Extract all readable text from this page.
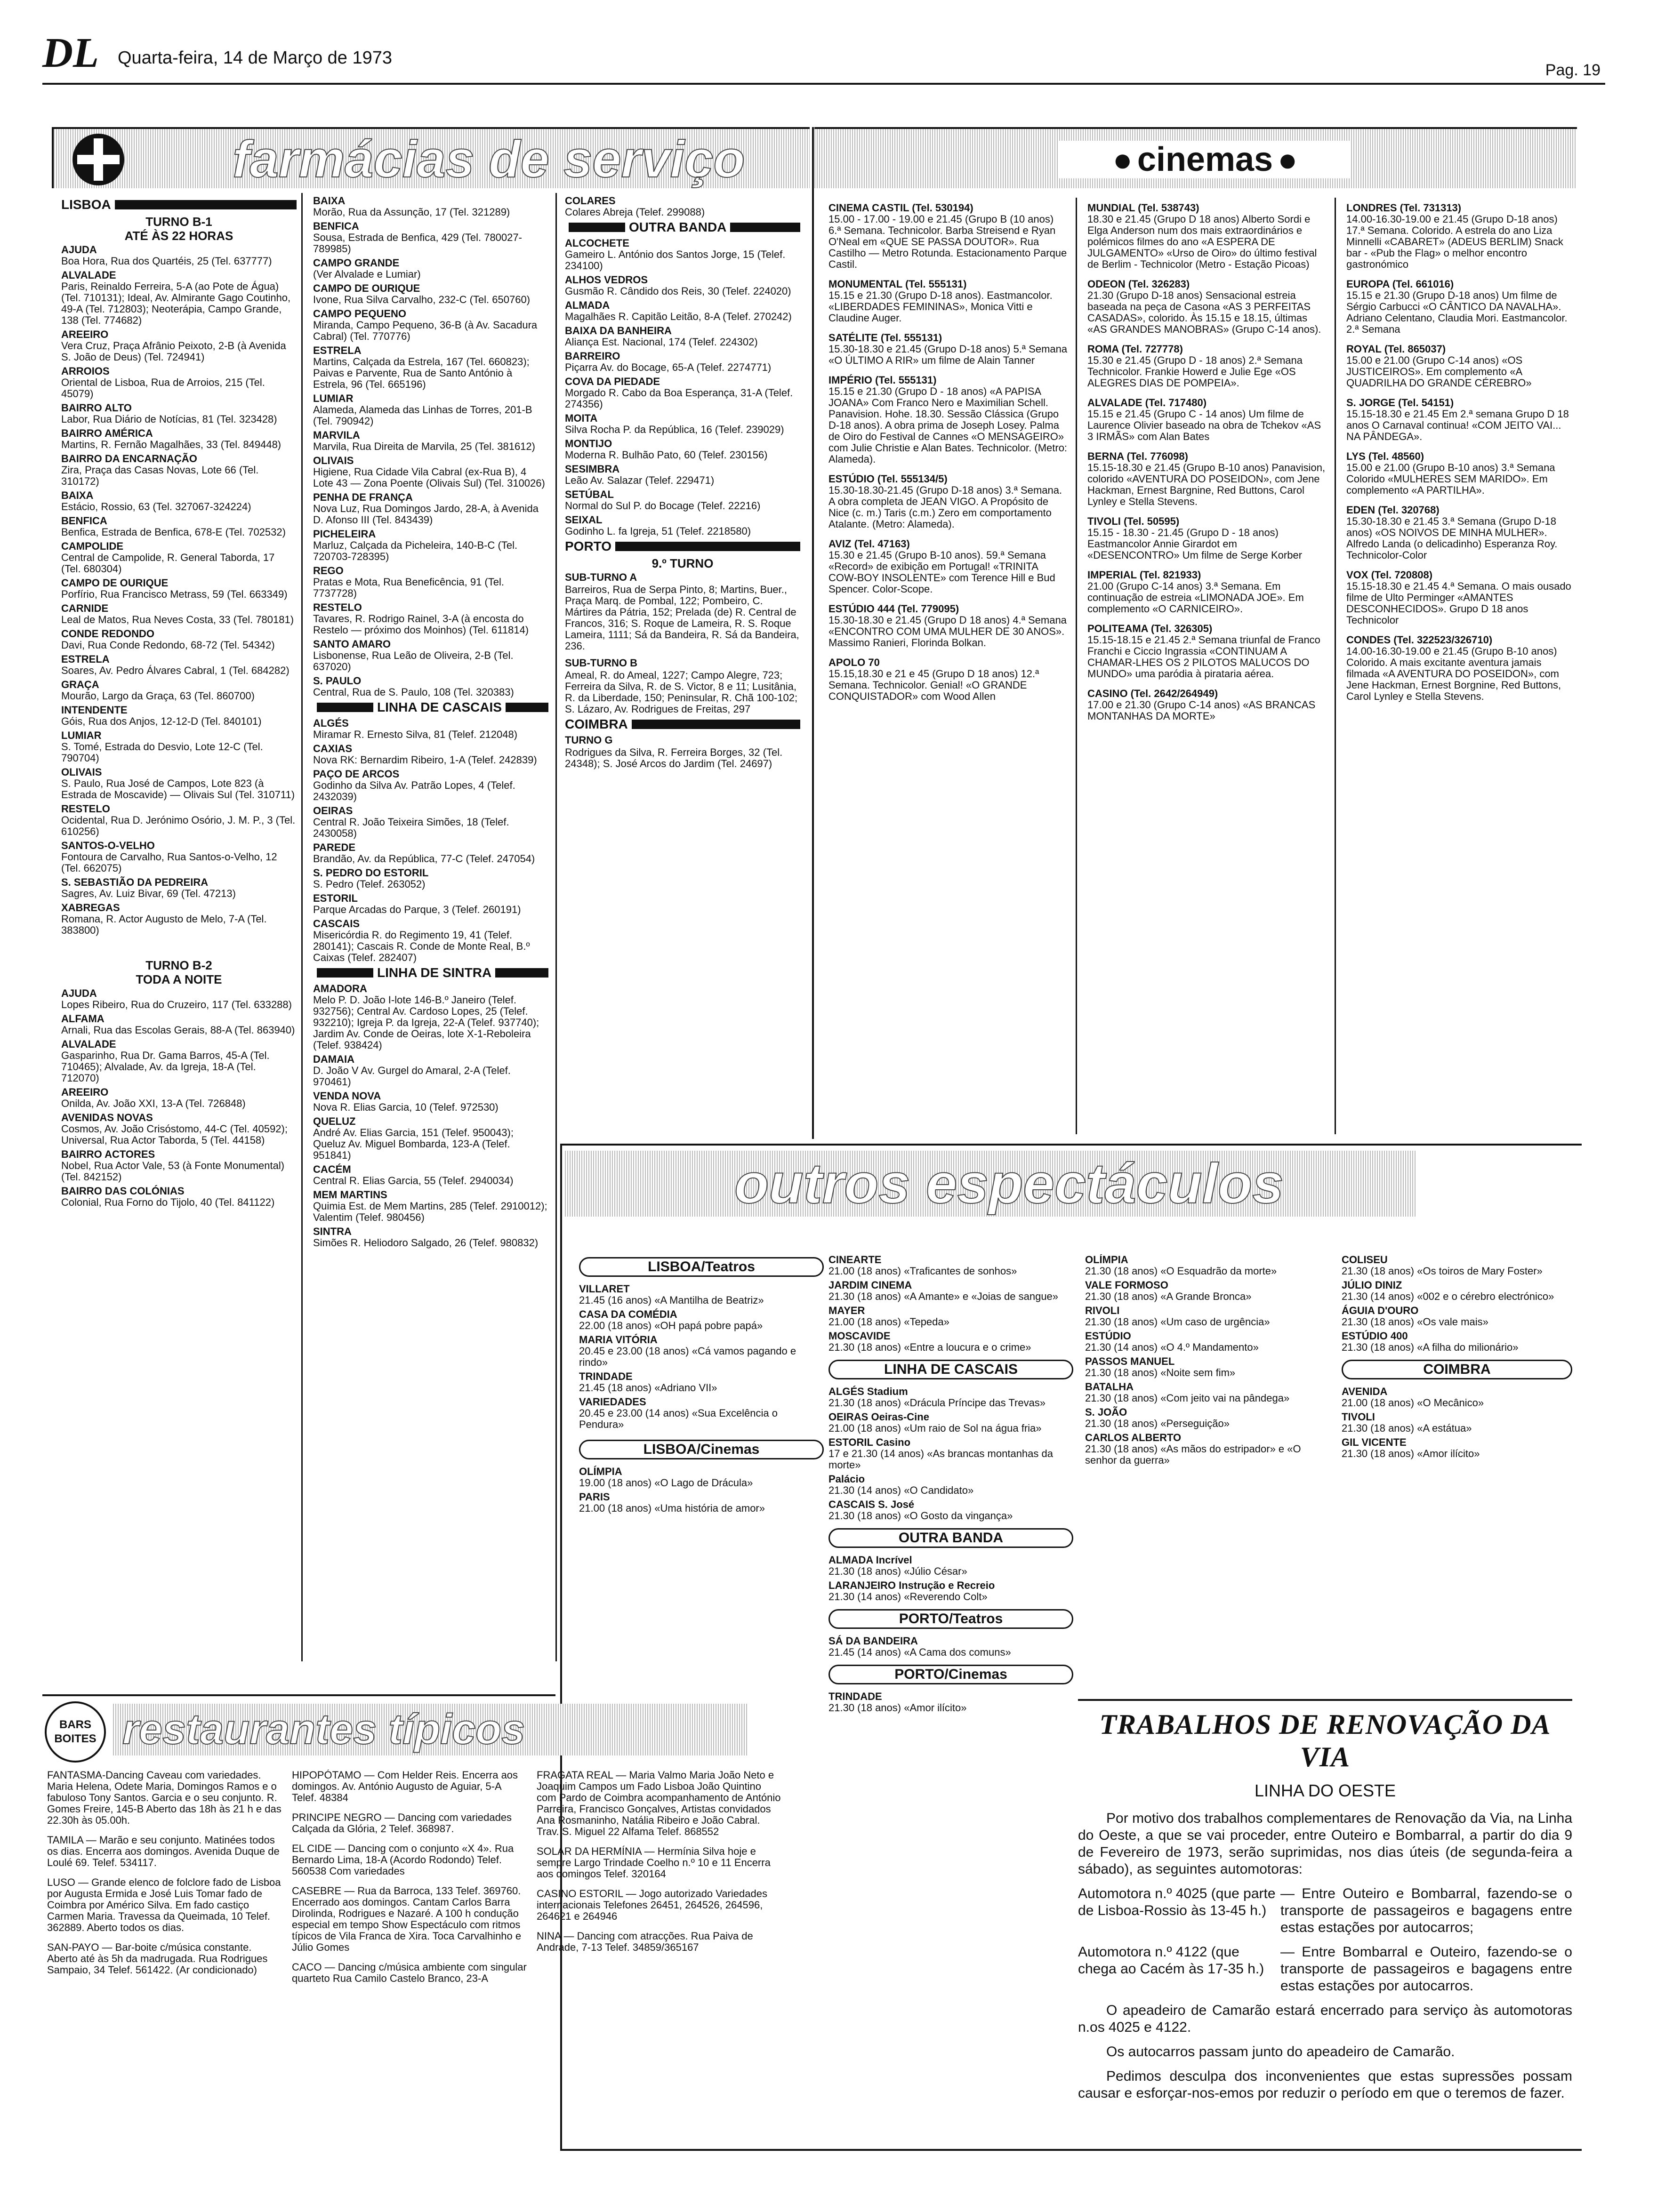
DL Quarta-feira, 14 de Março de 1973
Pag. 19
farmácias de serviço
LISBOA
TURNO B-1
ATÉ ÀS 22 HORAS
AJUDA
Boa Hora, Rua dos Quartéis, 25 (Tel. 637777)
ALVALADE
Paris, Reinaldo Ferreira, 5-A (ao Pote de Água) (Tel. 710131); Ideal, Av. Almirante Gago Coutinho, 49-A (Tel. 712803); Neoterápia, Campo Grande, 138 (Tel. 774682)
AREEIRO
Vera Cruz, Praça Afrânio Peixoto, 2-B (à Avenida S. João de Deus) (Tel. 724941)
ARROIOS
Oriental de Lisboa, Rua de Arroios, 215 (Tel. 45079)
BAIRRO ALTO
Labor, Rua Diário de Notícias, 81 (Tel. 323428)
BAIRRO AMÉRICA
Martins, R. Fernão Magalhães, 33 (Tel. 849448)
BAIRRO DA ENCARNAÇÃO
Zira, Praça das Casas Novas, Lote 66 (Tel. 310172)
BAIXA
Estácio, Rossio, 63 (Tel. 327067-324224)
BENFICA
Benfica, Estrada de Benfica, 678-E (Tel. 702532)
CAMPOLIDE
Central de Campolide, R. General Taborda, 17 (Tel. 680304)
CAMPO DE OURIQUE
Porfírio, Rua Francisco Metrass, 59 (Tel. 663349)
CARNIDE
Leal de Matos, Rua Neves Costa, 33 (Tel. 780181)
CONDE REDONDO
Davi, Rua Conde Redondo, 68-72 (Tel. 54342)
ESTRELA
Soares, Av. Pedro Álvares Cabral, 1 (Tel. 684282)
GRAÇA
Mourão, Largo da Graça, 63 (Tel. 860700)
INTENDENTE
Góis, Rua dos Anjos, 12-12-D (Tel. 840101)
LUMIAR
S. Tomé, Estrada do Desvio, Lote 12-C (Tel. 790704)
OLIVAIS
S. Paulo, Rua José de Campos, Lote 823 (à Estrada de Moscavide) — Olivais Sul (Tel. 310711)
RESTELO
Ocidental, Rua D. Jerónimo Osório, J. M. P., 3 (Tel. 610256)
SANTOS-O-VELHO
Fontoura de Carvalho, Rua Santos-o-Velho, 12 (Tel. 662075)
S. SEBASTIÃO DA PEDREIRA
Sagres, Av. Luiz Bivar, 69 (Tel. 47213)
XABREGAS
Romana, R. Actor Augusto de Melo, 7-A (Tel. 383800)
TURNO B-2
TODA A NOITE
AJUDA
Lopes Ribeiro, Rua do Cruzeiro, 117 (Tel. 633288)
ALFAMA
Arnali, Rua das Escolas Gerais, 88-A (Tel. 863940)
ALVALADE
Gasparinho, Rua Dr. Gama Barros, 45-A (Tel. 710465); Alvalade, Av. da Igreja, 18-A (Tel. 712070)
AREEIRO
Onilda, Av. João XXI, 13-A (Tel. 726848)
AVENIDAS NOVAS
Cosmos, Av. João Crisóstomo, 44-C (Tel. 40592); Universal, Rua Actor Taborda, 5 (Tel. 44158)
BAIRRO ACTORES
Nobel, Rua Actor Vale, 53 (à Fonte Monumental) (Tel. 842152)
BAIRRO DAS COLÓNIAS
Colonial, Rua Forno do Tijolo, 40 (Tel. 841122)
BAIXA
Morão, Rua da Assunção, 17 (Tel. 321289)
BENFICA
Sousa, Estrada de Benfica, 429 (Tel. 780027-789985)
CAMPO GRANDE
(Ver Alvalade e Lumiar)
CAMPO DE OURIQUE
Ivone, Rua Silva Carvalho, 232-C (Tel. 650760)
CAMPO PEQUENO
Miranda, Campo Pequeno, 36-B (à Av. Sacadura Cabral) (Tel. 770776)
ESTRELA
Martins, Calçada da Estrela, 167 (Tel. 660823); Paivas e Parvente, Rua de Santo António à Estrela, 96 (Tel. 665196)
LUMIAR
Alameda, Alameda das Linhas de Torres, 201-B (Tel. 790942)
MARVILA
Marvila, Rua Direita de Marvila, 25 (Tel. 381612)
OLIVAIS
Higiene, Rua Cidade Vila Cabral (ex-Rua B), 4 Lote 43 — Zona Poente (Olivais Sul) (Tel. 310026)
PENHA DE FRANÇA
Nova Luz, Rua Domingos Jardo, 28-A, à Avenida D. Afonso III (Tel. 843439)
PICHELEIRA
Marluz, Calçada da Picheleira, 140-B-C (Tel. 720703-728395)
REGO
Pratas e Mota, Rua Beneficência, 91 (Tel. 7737728)
RESTELO
Tavares, R. Rodrigo Rainel, 3-A (à encosta do Restelo — próximo dos Moinhos) (Tel. 611814)
SANTO AMARO
Lisbonense, Rua Leão de Oliveira, 2-B (Tel. 637020)
S. PAULO
Central, Rua de S. Paulo, 108 (Tel. 320383)
LINHA DE CASCAIS
ALGÉS
Miramar R. Ernesto Silva, 81 (Telef. 212048)
CAXIAS
Nova RK: Bernardim Ribeiro, 1-A (Telef. 242839)
PAÇO DE ARCOS
Godinho da Silva Av. Patrão Lopes, 4 (Telef. 2432039)
OEIRAS
Central R. João Teixeira Simões, 18 (Telef. 2430058)
PAREDE
Brandão, Av. da República, 77-C (Telef. 247054)
S. PEDRO DO ESTORIL
S. Pedro (Telef. 263052)
ESTORIL
Parque Arcadas do Parque, 3 (Telef. 260191)
CASCAIS
Misericórdia R. do Regimento 19, 41 (Telef. 280141); Cascais R. Conde de Monte Real, B.º Caixas (Telef. 282407)
LINHA DE SINTRA
AMADORA
Melo P. D. João I-lote 146-B.º Janeiro (Telef. 932756); Central Av. Cardoso Lopes, 25 (Telef. 932210); Igreja P. da Igreja, 22-A (Telef. 937740); Jardim Av. Conde de Oeiras, lote X-1-Reboleira (Telef. 938424)
DAMAIA
D. João V Av. Gurgel do Amaral, 2-A (Telef. 970461)
VENDA NOVA
Nova R. Elias Garcia, 10 (Telef. 972530)
QUELUZ
André Av. Elias Garcia, 151 (Telef. 950043); Queluz Av. Miguel Bombarda, 123-A (Telef. 951841)
CACÉM
Central R. Elias Garcia, 55 (Telef. 2940034)
MEM MARTINS
Quimia Est. de Mem Martins, 285 (Telef. 2910012); Valentim (Telef. 980456)
SINTRA
Simões R. Heliodoro Salgado, 26 (Telef. 980832)
COLARES
Colares Abreja (Telef. 299088)
OUTRA BANDA
ALCOCHETE
Gameiro L. António dos Santos Jorge, 15 (Telef. 234100)
ALHOS VEDROS
Gusmão R. Cândido dos Reis, 30 (Telef. 224020)
ALMADA
Magalhães R. Capitão Leitão, 8-A (Telef. 270242)
BAIXA DA BANHEIRA
Aliança Est. Nacional, 174 (Telef. 224302)
BARREIRO
Piçarra Av. do Bocage, 65-A (Telef. 2274771)
COVA DA PIEDADE
Morgado R. Cabo da Boa Esperança, 31-A (Telef. 274356)
MOITA
Silva Rocha P. da República, 16 (Telef. 239029)
MONTIJO
Moderna R. Bulhão Pato, 60 (Telef. 230156)
SESIMBRA
Leão Av. Salazar (Telef. 229471)
SETÚBAL
Normal do Sul P. do Bocage (Telef. 22216)
SEIXAL
Godinho L. fa Igreja, 51 (Telef. 2218580)
PORTO
9.º TURNO

SUB-TURNO A

Barreiros, Rua de Serpa Pinto, 8; Martins, Buer., Praça Marq. de Pombal, 122; Pombeiro, C. Mártires da Pátria, 152; Prelada (de) R. Central de Francos, 316; S. Roque de Lameira, R. S. Roque Lameira, 1111; Sá da Bandeira, R. Sá da Bandeira, 236.

SUB-TURNO B

Ameal, R. do Ameal, 1227; Campo Alegre, 723; Ferreira da Silva, R. de S. Victor, 8 e 11; Lusitânia, R. da Liberdade, 150; Peninsular, R. Chã 100-102; S. Lázaro, Av. Rodrigues de Freitas, 297

COIMBRA

TURNO G

Rodrigues da Silva, R. Ferreira Borges, 32 (Tel. 24348); S. José Arcos do Jardim (Tel. 24697)

● cinemas ●
CINEMA CASTIL (Tel. 530194)
15.00 - 17.00 - 19.00 e 21.45 (Grupo B (10 anos) 6.ª Semana. Technicolor. Barba Streisend e Ryan O'Neal em «QUE SE PASSA DOUTOR». Rua Castilho — Metro Rotunda. Estacionamento Parque Castil.
MONUMENTAL (Tel. 555131)
15.15 e 21.30 (Grupo D-18 anos). Eastmancolor. «LIBERDADES FEMININAS», Monica Vitti e Claudine Auger.
SATÉLITE (Tel. 555131)
15.30-18.30 e 21.45 (Grupo D-18 anos) 5.ª Semana «O ÚLTIMO A RIR» um filme de Alain Tanner
IMPÉRIO (Tel. 555131)
15.15 e 21.30 (Grupo D - 18 anos) «A PAPISA JOANA» Com Franco Nero e Maximilian Schell. Panavision. Hohe. 18.30. Sessão Clássica (Grupo D-18 anos). A obra prima de Joseph Losey. Palma de Oiro do Festival de Cannes «O MENSAGEIRO» com Julie Christie e Alan Bates. Technicolor. (Metro: Alameda).
ESTÚDIO (Tel. 555134/5)
15.30-18.30-21.45 (Grupo D-18 anos) 3.ª Semana. A obra completa de JEAN VIGO. A Propósito de Nice (c. m.) Taris (c.m.) Zero em comportamento Atalante. (Metro: Alameda).
AVIZ (Tel. 47163)
15.30 e 21.45 (Grupo B-10 anos). 59.ª Semana «Record» de exibição em Portugal! «TRINITA COW-BOY INSOLENTE» com Terence Hill e Bud Spencer. Color-Scope.
ESTÚDIO 444 (Tel. 779095)
15.30-18.30 e 21.45 (Grupo D 18 anos) 4.ª Semana «ENCONTRO COM UMA MULHER DE 30 ANOS». Massimo Ranieri, Florinda Bolkan.
APOLO 70
15.15,18.30 e 21 e 45 (Grupo D 18 anos) 12.ª Semana. Technicolor. Genial! «O GRANDE CONQUISTADOR» com Wood Allen
MUNDIAL (Tel. 538743)
18.30 e 21.45 (Grupo D 18 anos) Alberto Sordi e Elga Anderson num dos mais extraordinários e polémicos filmes do ano «A ESPERA DE JULGAMENTO» «Urso de Oiro» do último festival de Berlim - Technicolor (Metro - Estação Picoas)
ODEON (Tel. 326283)
21.30 (Grupo D-18 anos) Sensacional estreia baseada na peça de Casona «AS 3 PERFEITAS CASADAS», colorido. Às 15.15 e 18.15, últimas «AS GRANDES MANOBRAS» (Grupo C-14 anos).
ROMA (Tel. 727778)
15.30 e 21.45 (Grupo D - 18 anos) 2.ª Semana Technicolor. Frankie Howerd e Julie Ege «OS ALEGRES DIAS DE POMPEIA».
ALVALADE (Tel. 717480)
15.15 e 21.45 (Grupo C - 14 anos) Um filme de Laurence Olivier baseado na obra de Tchekov «AS 3 IRMÃS» com Alan Bates
BERNA (Tel. 776098)
15.15-18.30 e 21.45 (Grupo B-10 anos) Panavision, colorido «AVENTURA DO POSEIDON», com Jene Hackman, Ernest Bargnine, Red Buttons, Carol Lynley e Stella Stevens.
TIVOLI (Tel. 50595)
15.15 - 18.30 - 21.45 (Grupo D - 18 anos) Eastmancolor Annie Girardot em «DESENCONTRO» Um filme de Serge Korber
IMPERIAL (Tel. 821933)
21.00 (Grupo C-14 anos) 3.ª Semana. Em continuação de estreia «LIMONADA JOE». Em complemento «O CARNICEIRO».
POLITEAMA (Tel. 326305)
15.15-18.15 e 21.45 2.ª Semana triunfal de Franco Franchi e Ciccio Ingrassia «CONTINUAM A CHAMAR-LHES OS 2 PILOTOS MALUCOS DO MUNDO» uma paródia à pirataria aérea.
CASINO (Tel. 2642/264949)
17.00 e 21.30 (Grupo C-14 anos) «AS BRANCAS MONTANHAS DA MORTE»
LONDRES (Tel. 731313)
14.00-16.30-19.00 e 21.45 (Grupo D-18 anos) 17.ª Semana. Colorido. A estrela do ano Liza Minnelli «CABARET» (ADEUS BERLIM) Snack bar - «Pub the Flag» o melhor encontro gastronómico
EUROPA (Tel. 661016)
15.15 e 21.30 (Grupo D-18 anos) Um filme de Sérgio Carbucci «O CÂNTICO DA NAVALHA». Adriano Celentano, Claudia Mori. Eastmancolor. 2.ª Semana
ROYAL (Tel. 865037)
15.00 e 21.00 (Grupo C-14 anos) «OS JUSTICEIROS». Em complemento «A QUADRILHA DO GRANDE CÉREBRO»
S. JORGE (Tel. 54151)
15.15-18.30 e 21.45 Em 2.ª semana Grupo D 18 anos O Carnaval continua! «COM JEITO VAI... NA PÂNDEGA».
LYS (Tel. 48560)
15.00 e 21.00 (Grupo B-10 anos) 3.ª Semana Colorido «MULHERES SEM MARIDO». Em complemento «A PARTILHA».
EDEN (Tel. 320768)
15.30-18.30 e 21.45 3.ª Semana (Grupo D-18 anos) «OS NOIVOS DE MINHA MULHER». Alfredo Landa (o delicadinho) Esperanza Roy. Technicolor-Color
VOX (Tel. 720808)
15.15-18.30 e 21.45 4.ª Semana. O mais ousado filme de Ulto Perminger «AMANTES DESCONHECIDOS». Grupo D 18 anos Technicolor
CONDES (Tel. 322523/326710)
14.00-16.30-19.00 e 21.45 (Grupo B-10 anos) Colorido. A mais excitante aventura jamais filmada «A AVENTURA DO POSEIDON», com Jene Hackman, Ernest Borgnine, Red Buttons, Carol Lynley e Stella Stevens.
outros espectáculos
LISBOA/Teatros
VILLARET
21.45 (16 anos) «A Mantilha de Beatriz»
CASA DA COMÉDIA
22.00 (18 anos) «OH papá pobre papá»
MARIA VITÓRIA
20.45 e 23.00 (18 anos) «Cá vamos pagando e rindo»
TRINDADE
21.45 (18 anos) «Adriano VII»
VARIEDADES
20.45 e 23.00 (14 anos) «Sua Excelência o Pendura»
LISBOA/Cinemas
OLÍMPIA
19.00 (18 anos) «O Lago de Drácula»
PARIS
21.00 (18 anos) «Uma história de amor»
CINEARTE
21.00 (18 anos) «Traficantes de sonhos»
JARDIM CINEMA
21.30 (18 anos) «A Amante» e «Joias de sangue»
MAYER
21.00 (18 anos) «Tepeda»
MOSCAVIDE
21.30 (18 anos) «Entre a loucura e o crime»
LINHA DE CASCAIS
ALGÉS Stadium
21.30 (18 anos) «Drácula Príncipe das Trevas»
OEIRAS Oeiras-Cine
21.00 (18 anos) «Um raio de Sol na água fria»
ESTORIL Casino
17 e 21.30 (14 anos) «As brancas montanhas da morte»
Palácio
21.30 (14 anos) «O Candidato»
CASCAIS S. José
21.30 (18 anos) «O Gosto da vingança»
OUTRA BANDA
ALMADA Incrível
21.30 (18 anos) «Júlio César»
LARANJEIRO Instrução e Recreio
21.30 (14 anos) «Reverendo Colt»
PORTO/Teatros
SÁ DA BANDEIRA
21.45 (14 anos) «A Cama dos comuns»
PORTO/Cinemas
TRINDADE
21.30 (18 anos) «Amor ilícito»
OLÍMPIA
21.30 (18 anos) «O Esquadrão da morte»
VALE FORMOSO
21.30 (18 anos) «A Grande Bronca»
RIVOLI
21.30 (18 anos) «Um caso de urgência»
ESTÚDIO
21.30 (14 anos) «O 4.º Mandamento»
PASSOS MANUEL
21.30 (18 anos) «Noite sem fim»
BATALHA
21.30 (18 anos) «Com jeito vai na pândega»
S. JOÃO
21.30 (18 anos) «Perseguição»
CARLOS ALBERTO
21.30 (18 anos) «As mãos do estripador» e «O senhor da guerra»
COLISEU
21.30 (18 anos) «Os toiros de Mary Foster»
JÚLIO DINIZ
21.30 (14 anos) «002 e o cérebro electrónico»
ÁGUIA D'OURO
21.30 (18 anos) «Os vale mais»
ESTÚDIO 400
21.30 (18 anos) «A filha do milionário»
COIMBRA
AVENIDA
21.00 (18 anos) «O Mecânico»
TIVOLI
21.30 (18 anos) «A estátua»
GIL VICENTE
21.30 (18 anos) «Amor ilícito»
TRABALHOS DE RENOVAÇÃO DA VIA
LINHA DO OESTE

Por motivo dos trabalhos complementares de Renovação da Via, na Linha do Oeste, a que se vai proceder, entre Outeiro e Bombarral, a partir do dia 9 de Fevereiro de 1973, serão suprimidas, nos dias úteis (de segunda-feira a sábado), as seguintes automotoras:

Automotora n.º 4025 (que parte de Lisboa-Rossio às 13-45 h.)
— Entre Outeiro e Bombarral, fazendo-se o transporte de passageiros e bagagens entre estas estações por autocarros;
Automotora n.º 4122 (que chega ao Cacém às 17-35 h.)
— Entre Bombarral e Outeiro, fazendo-se o transporte de passageiros e bagagens entre estas estações por autocarros.

O apeadeiro de Camarão estará encerrado para serviço às automotoras n.os 4025 e 4122.

Os autocarros passam junto do apeadeiro de Camarão.

Pedimos desculpa dos inconvenientes que estas supressões possam causar e esforçar-nos-emos por reduzir o período em que o teremos de fazer.

BARS
BOITES restaurantes típicos

FANTASMA-Dancing Caveau com variedades. Maria Helena, Odete Maria, Domingos Ramos e o fabuloso Tony Santos. Garcia e o seu conjunto. R. Gomes Freire, 145-B Aberto das 18h às 21 h e das 22.30h às 05.00h.

TAMILA — Marão e seu conjunto. Matinées todos os dias. Encerra aos domingos. Avenida Duque de Loulé 69. Telef. 534117.

LUSO — Grande elenco de folclore fado de Lisboa por Augusta Ermida e José Luis Tomar fado de Coimbra por Américo Silva. Em fado castiço Carmen Maria. Travessa da Queimada, 10 Telef. 362889. Aberto todos os dias.

SAN-PAYO — Bar-boite c/música constante. Aberto até às 5h da madrugada. Rua Rodrigues Sampaio, 34 Telef. 561422. (Ar condicionado)

HIPOPÓTAMO — Com Helder Reis. Encerra aos domingos. Av. António Augusto de Aguiar, 5-A Telef. 48384

PRINCIPE NEGRO — Dancing com variedades Calçada da Glória, 2 Telef. 368987.

EL CIDE — Dancing com o conjunto «X 4». Rua Bernardo Lima, 18-A (Acordo Rodondo) Telef. 560538 Com variedades

CASEBRE — Rua da Barroca, 133 Telef. 369760. Encerrado aos domingos. Cantam Carlos Barra Dirolinda, Rodrigues e Nazaré. A 100 h condução especial em tempo Show Espectáculo com ritmos típicos de Vila Franca de Xira. Toca Carvalhinho e Júlio Gomes

CACO — Dancing c/música ambiente com singular quarteto Rua Camilo Castelo Branco, 23-A

FRAGATA REAL — Maria Valmo Maria João Neto e Joaquim Campos um Fado Lisboa João Quintino com Pardo de Coimbra acompanhamento de António Parreira, Francisco Gonçalves, Artistas convidados Ana Rosmaninho, Natália Ribeiro e João Cabral. Trav. S. Miguel 22 Alfama Telef. 868552

SOLAR DA HERMÍNIA — Hermínia Silva hoje e sempre Largo Trindade Coelho n.º 10 e 11 Encerra aos domingos Telef. 320164

CASINO ESTORIL — Jogo autorizado Variedades internacionais Telefones 26451, 264526, 264596, 264621 e 264946

NINA — Dancing com atracções. Rua Paiva de Andrade, 7-13 Telef. 34859/365167
